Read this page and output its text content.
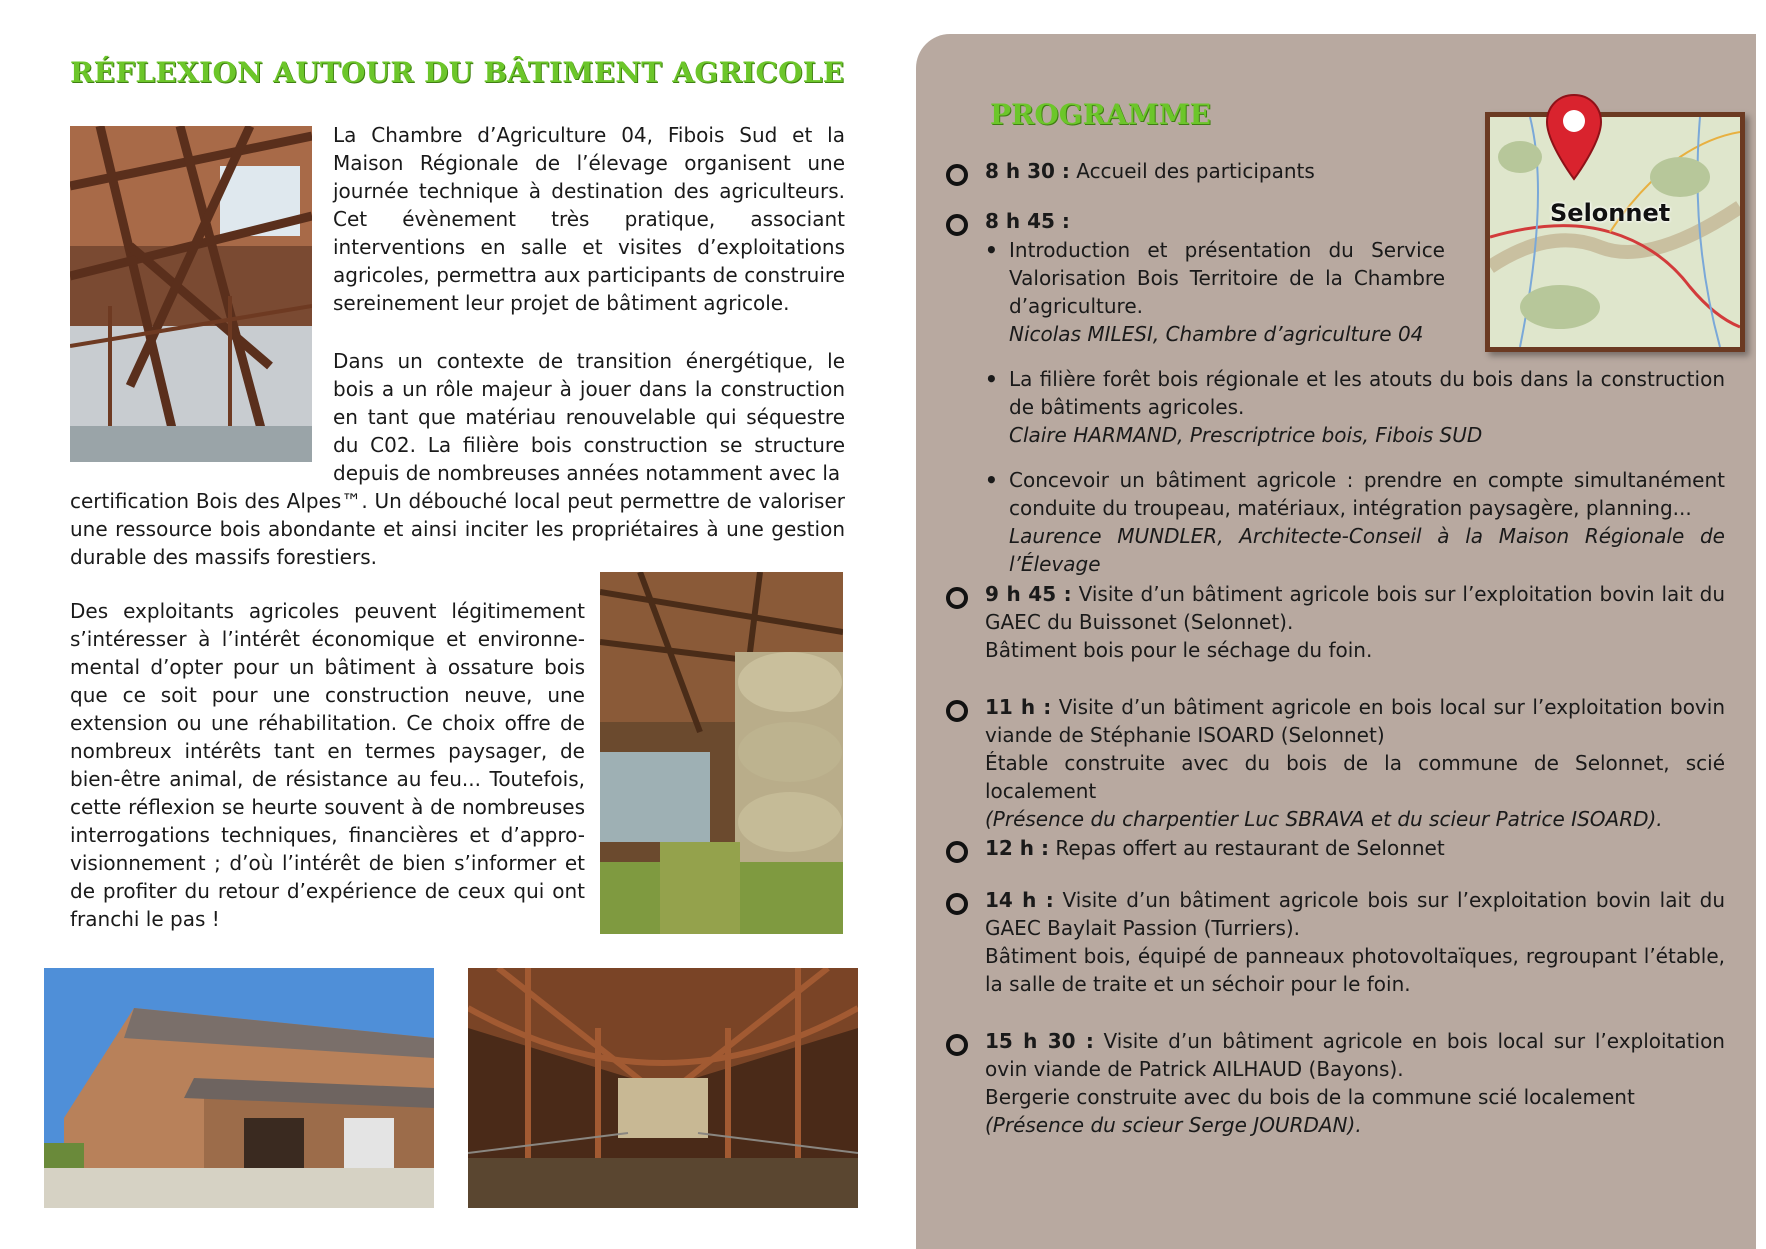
RÉFLEXION AUTOUR DU BÂTIMENT AGRICOLE

La Chambre d’Agriculture 04, Fibois Sud et la Maison Régionale de l’élevage organisent une journée technique à destination des agriculteurs. Cet évènement très pratique, associant interventions en salle et visites d’exploitations agricoles, permettra aux participants de construire sereinement leur projet de bâtiment agricole.

Dans un contexte de transition énergétique, le bois a un rôle majeur à jouer dans la construction en tant que matériau renouvelable qui séquestre du C02. La filière bois construction se structure depuis de nombreuses années notamment avec la

certification Bois des Alpes™. Un débouché local peut permettre de valoriser une ressource bois abondante et ainsi inciter les propriétaires à une gestion durable des massifs forestiers.

Des exploitants agricoles peuvent légitimement s’intéresser à l’intérêt économique et environne-mental d’opter pour un bâtiment à ossature bois que ce soit pour une construction neuve, une extension ou une réhabilitation. Ce choix offre de nombreux intérêts tant en termes paysager, de bien-être animal, de résistance au feu... Toutefois, cette réflexion se heurte souvent à de nombreuses interrogations techniques, financières et d’appro-visionnement ; d’où l’intérêt de bien s’informer et de profiter du retour d’expérience de ceux qui ont franchi le pas !

PROGRAMME
Selonnet

8 h 30 : Accueil des participants

8 h 45 :

• Introduction et présentation du Service Valorisation Bois Territoire de la Chambre d’agriculture.

Nicolas MILESI, Chambre d’agriculture 04

• La filière forêt bois régionale et les atouts du bois dans la construction de bâtiments agricoles.

Claire HARMAND, Prescriptrice bois, Fibois SUD

• Concevoir un bâtiment agricole : prendre en compte simultanément conduite du troupeau, matériaux, intégration paysagère, planning...

Laurence MUNDLER, Architecte-Conseil à la Maison Régionale de l’Élevage

9 h 45 : Visite d’un bâtiment agricole bois sur l’exploitation bovin lait du GAEC du Buissonet (Selonnet).
Bâtiment bois pour le séchage du foin.

11 h : Visite d’un bâtiment agricole en bois local sur l’exploitation bovin viande de Stéphanie ISOARD (Selonnet)
Étable construite avec du bois de la commune de Selonnet, scié localement
(Présence du charpentier Luc SBRAVA et du scieur Patrice ISOARD).

12 h : Repas offert au restaurant de Selonnet

14 h : Visite d’un bâtiment agricole bois sur l’exploitation bovin lait du GAEC Baylait Passion (Turriers).
Bâtiment bois, équipé de panneaux photovoltaïques, regroupant l’étable, la salle de traite et un séchoir pour le foin.

15 h 30 : Visite d’un bâtiment agricole en bois local sur l’exploitation ovin viande de Patrick AILHAUD (Bayons).
Bergerie construite avec du bois de la commune scié localement
(Présence du scieur Serge JOURDAN).
